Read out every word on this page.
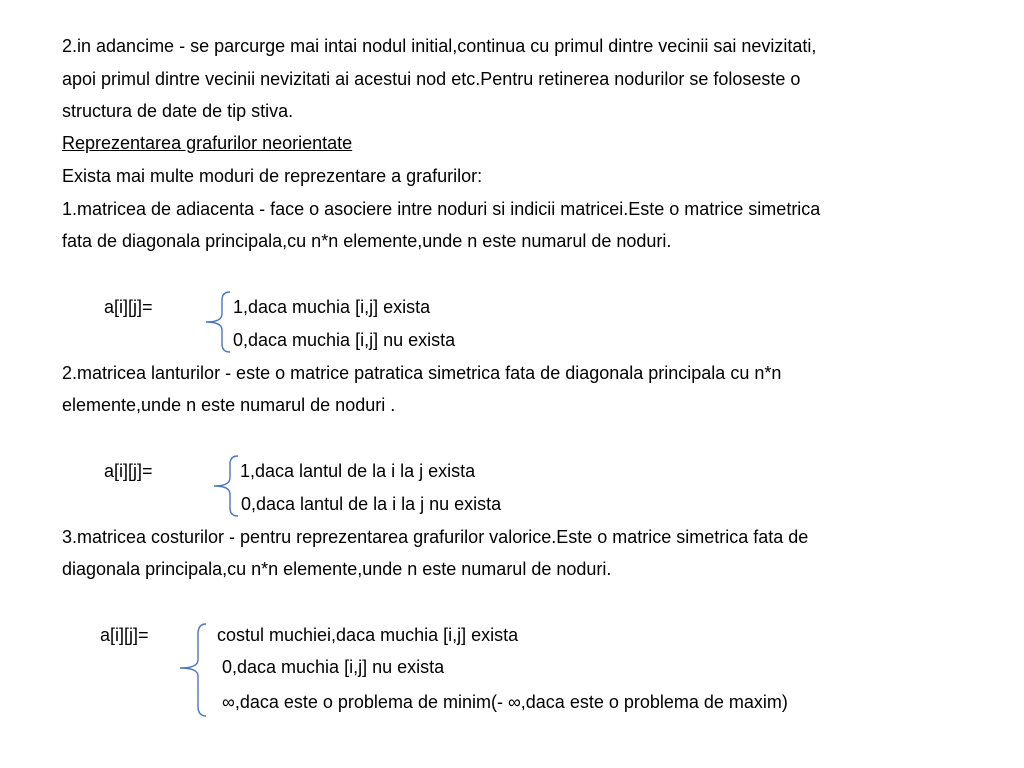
2.in adancime - se parcurge mai intai nodul initial,continua cu primul dintre vecinii sai nevizitati,
apoi primul dintre vecinii nevizitati ai acestui nod etc.Pentru retinerea nodurilor se foloseste o
structura de date de tip stiva.
Reprezentarea grafurilor neorientate
Exista mai multe moduri de reprezentare a grafurilor:
1.matricea de adiacenta - face o asociere intre noduri si indicii matricei.Este o matrice simetrica
fata de diagonala principala,cu n*n elemente,unde n este numarul de noduri.
a[i][j]=	1,daca muchia [i,j] exista
0,daca muchia [i,j] nu exista
2.matricea lanturilor - este o matrice patratica simetrica fata de diagonala principala cu n*n
elemente,unde n este numarul de noduri .
a[i][j]=	1,daca lantul de la i la j exista
0,daca lantul de la i la j nu exista
3.matricea costurilor - pentru reprezentarea grafurilor valorice.Este o matrice simetrica fata de
diagonala principala,cu n*n elemente,unde n este numarul de noduri.
a[i][j]=	costul muchiei,daca muchia [i,j] exista
0,daca muchia [i,j] nu exista
∞,daca este o problema de minim(- ∞,daca este o problema de maxim)
